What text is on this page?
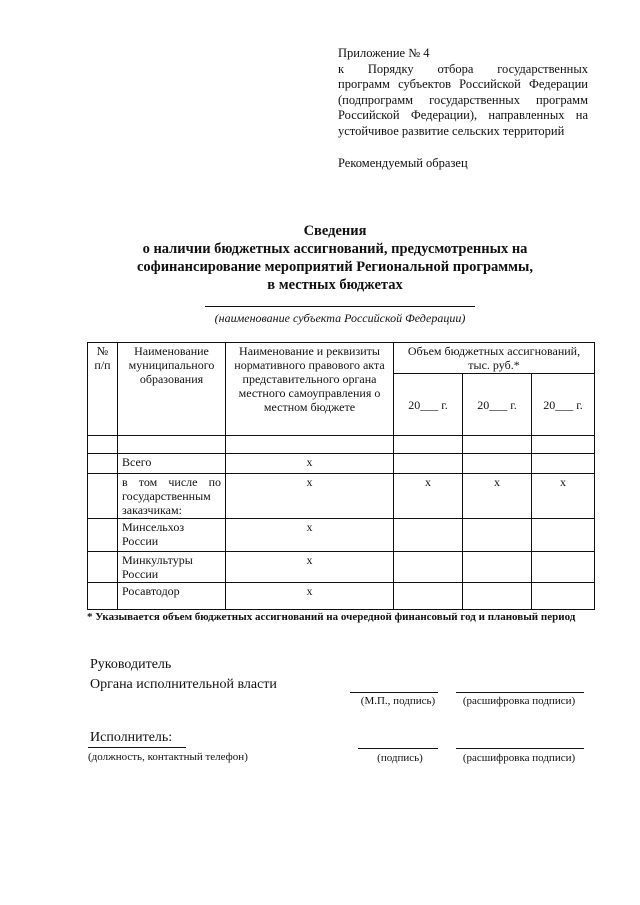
Приложение № 4
к Порядку отбора государственных
программ субъектов Российской Федерации
(подпрограмм государственных программ
Российской Федерации), направленных на
устойчивое развитие сельских территорий
Рекомендуемый образец
Сведения
о наличии бюджетных ассигнований, предусмотренных на
софинансирование мероприятий Региональной программы,
в местных бюджетах
(наименование субъекта Российской Федерации)
№ п/п	Наименование муниципального образования	Наименование и реквизиты нормативного правового акта представительного органа местного самоуправления о местном бюджете	Объем бюджетных ассигнований, тыс. руб.*		
			20___ г.	20___ г.	20___ г.

	Всего	x			

	в том числе по государственным заказчикам:	x	x	x	x
	Минсельхоз России	x			
	Минкультуры России	x			
	Росавтодор	x			
* Указывается объем бюджетных ассигнований на очередной финансовый год и плановый период
Руководитель
Органа исполнительной власти
(М.П., подпись)	(расшифровка подписи)
Исполнитель:
(должность, контактный телефон)	(подпись)	(расшифровка подписи)
